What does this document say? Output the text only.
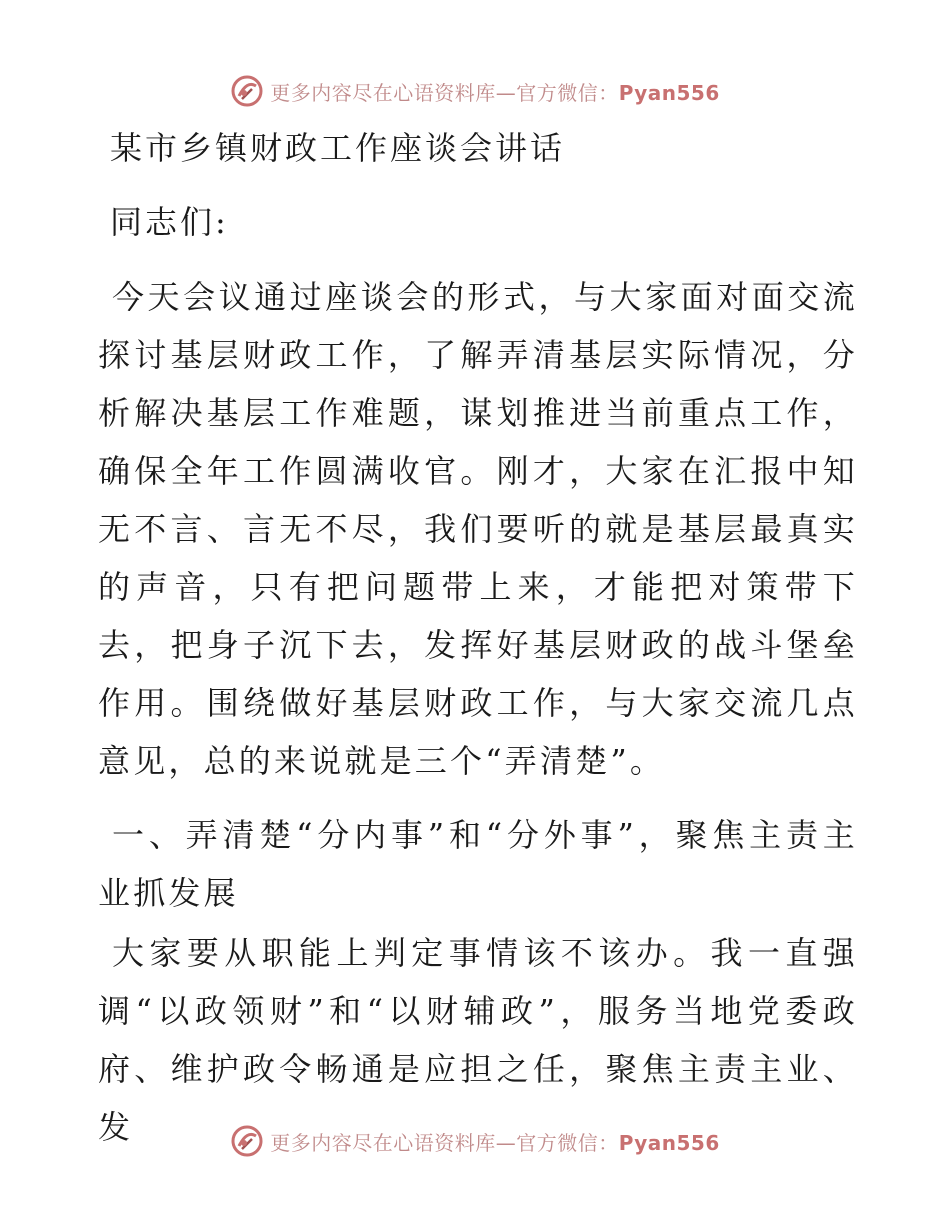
更多内容尽在心语资料库—官方微信：Pyan556
某市乡镇财政工作座谈会讲话
同志们:

今天会议通过座谈会的形式，与大家面对面交流探讨基层财政工作，了解弄清基层实际情况，分析解决基层工作难题，谋划推进当前重点工作，确保全年工作圆满收官。刚才，大家在汇报中知无不言、言无不尽，我们要听的就是基层最真实的声音，只有把问题带上来，才能把对策带下去，把身子沉下去，发挥好基层财政的战斗堡垒作用。围绕做好基层财政工作，与大家交流几点意见，总的来说就是三个“弄清楚”。

一、弄清楚“分内事”和“分外事”，聚焦主责主业抓发展

大家要从职能上判定事情该不该办。我一直强调“以政领财”和“以财辅政”，服务当地党委政府、维护政令畅通是应担之任，聚焦主责主业、发	更多内容尽在心语资料库—官方微信：Pyan556
